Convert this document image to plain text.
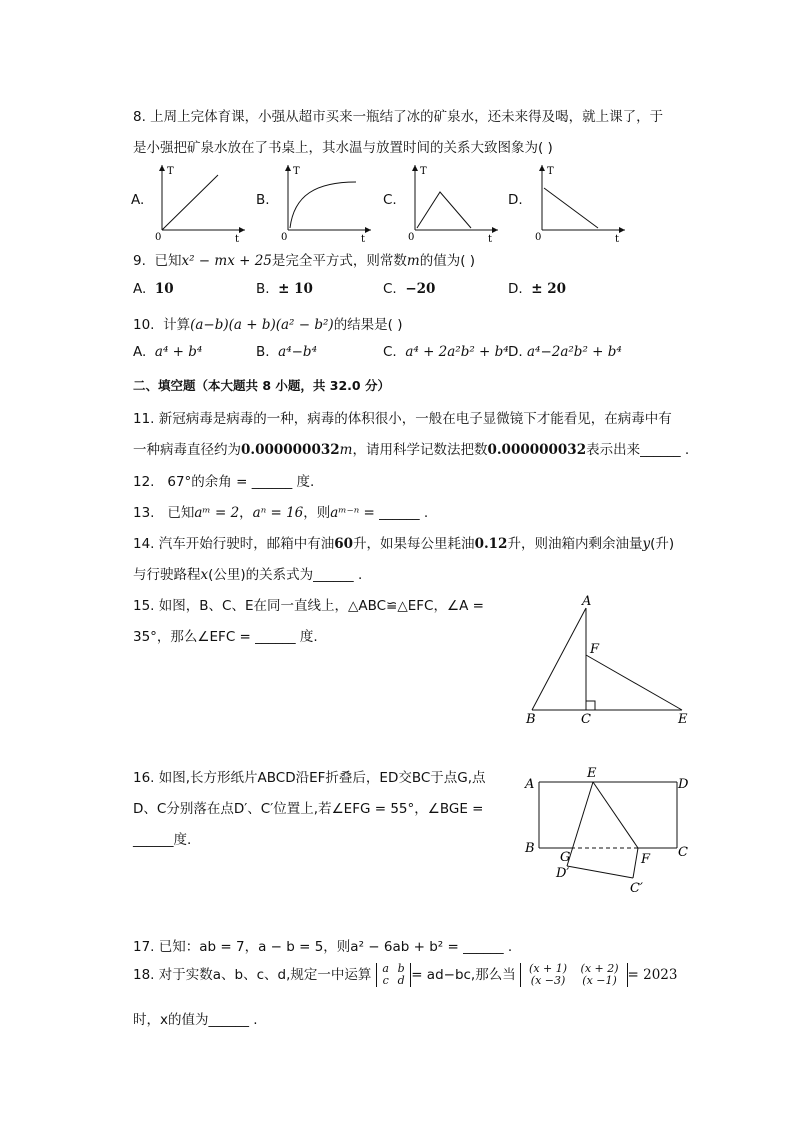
8. 上周上完体育课，小强从超市买来一瓶结了冰的矿泉水，还未来得及喝，就上课了，于
是小强把矿泉水放在了书桌上，其水温与放置时间的关系大致图象为( )
A.
T
t
0
B.
T
t
0
C.
T
t
0
D.
T
t
0
9. 已知x² − mx + 25是完全平方式，则常数m的值为( )
A. 10	B. ± 10	C. −20	D. ± 20
10. 计算(a−b)(a + b)(a² − b²)的结果是( )
A. a⁴ + b⁴	B. a⁴−b⁴	C. a⁴ + 2a²b² + b⁴ D. a⁴−2a²b² + b⁴
二、填空题（本大题共 8 小题，共 32.0 分）
11. 新冠病毒是病毒的一种，病毒的体积很小，一般在电子显微镜下才能看见，在病毒中有
一种病毒直径约为0.000000032m，请用科学记数法把数0.000000032表示出来______ .
12. 67°的余角 = ______ 度.
13. 已知aᵐ = 2，aⁿ = 16，则aᵐ⁻ⁿ = ______ .
14. 汽车开始行驶时，邮箱中有油60升，如果每公里耗油0.12升，则油箱内剩余油量y(升)
与行驶路程x(公里)的关系式为______ .
15. 如图，B、C、E在同一直线上，△ABC≌△EFC，∠A =
35°，那么∠EFC = ______ 度.
A
F
B	C	E
16. 如图,长方形纸片ABCD沿EF折叠后，ED交BC于点G,点
D、C分别落在点D′、C′位置上,若∠EFG = 55°，∠BGE =
______度.
A
E
D
B
G	F C
D′
C′
17. 已知：ab = 7，a − b = 5，则a² − 6ab + b² = ______ .
18. 对于实数a、b、c、d,规定一中运算 a b
c d = ad−bc,那么当 (x + 1) (x + 2)
(x −3) (x −1) = 2023
时，x的值为______ .
